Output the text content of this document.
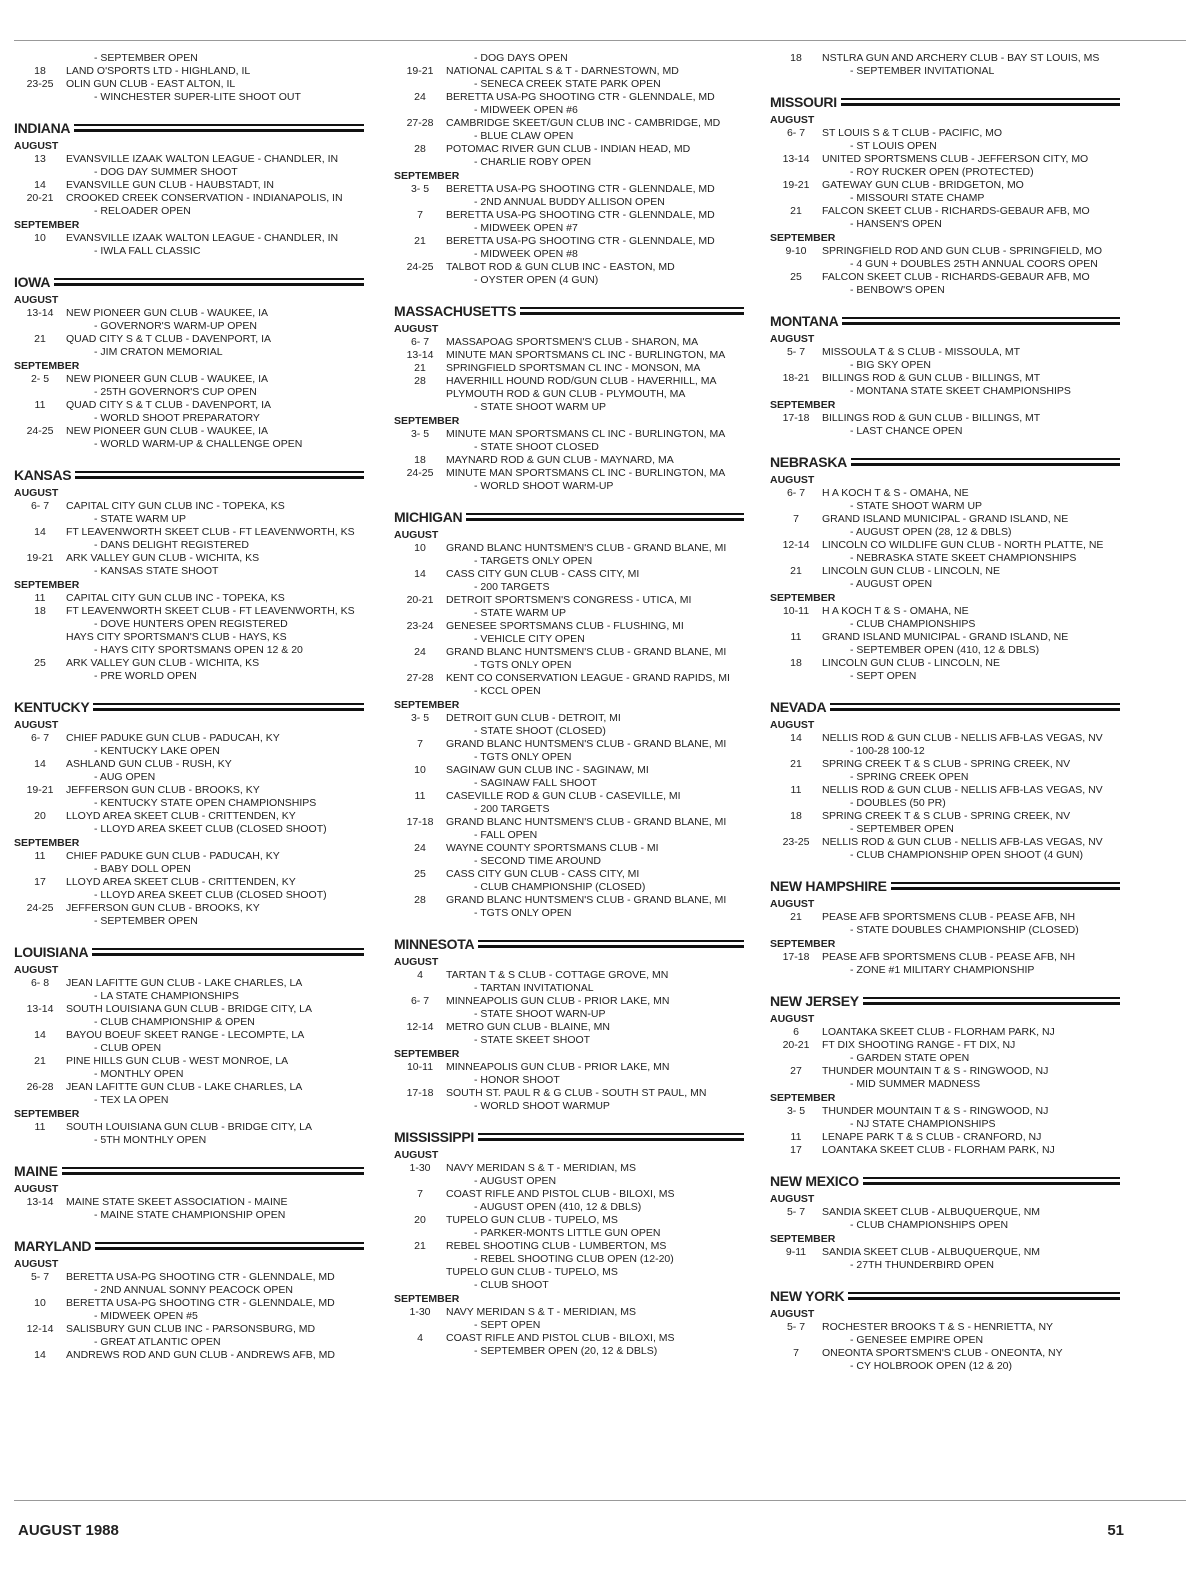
- SEPTEMBER OPEN
18	LAND O'SPORTS LTD - HIGHLAND, IL
23-25	OLIN GUN CLUB - EAST ALTON, IL
- WINCHESTER SUPER-LITE SHOOT OUT
INDIANA
AUGUST
13	EVANSVILLE IZAAK WALTON LEAGUE - CHANDLER, IN
- DOG DAY SUMMER SHOOT
14	EVANSVILLE GUN CLUB - HAUBSTADT, IN
20-21	CROOKED CREEK CONSERVATION - INDIANAPOLIS, IN
- RELOADER OPEN
SEPTEMBER
10	EVANSVILLE IZAAK WALTON LEAGUE - CHANDLER, IN
- IWLA FALL CLASSIC
IOWA
AUGUST
13-14	NEW PIONEER GUN CLUB - WAUKEE, IA
- GOVERNOR'S WARM-UP OPEN
21	QUAD CITY S & T CLUB - DAVENPORT, IA
- JIM CRATON MEMORIAL
SEPTEMBER
2- 5	NEW PIONEER GUN CLUB - WAUKEE, IA
- 25TH GOVERNOR'S CUP OPEN
11	QUAD CITY S & T CLUB - DAVENPORT, IA
- WORLD SHOOT PREPARATORY
24-25	NEW PIONEER GUN CLUB - WAUKEE, IA
- WORLD WARM-UP & CHALLENGE OPEN
KANSAS
AUGUST
6- 7	CAPITAL CITY GUN CLUB INC - TOPEKA, KS
- STATE WARM UP
14	FT LEAVENWORTH SKEET CLUB - FT LEAVENWORTH, KS
- DANS DELIGHT REGISTERED
19-21	ARK VALLEY GUN CLUB - WICHITA, KS
- KANSAS STATE SHOOT
SEPTEMBER
11	CAPITAL CITY GUN CLUB INC - TOPEKA, KS
18	FT LEAVENWORTH SKEET CLUB - FT LEAVENWORTH, KS
- DOVE HUNTERS OPEN REGISTERED
HAYS CITY SPORTSMAN'S CLUB - HAYS, KS
- HAYS CITY SPORTSMANS OPEN 12 & 20
25	ARK VALLEY GUN CLUB - WICHITA, KS
- PRE WORLD OPEN
KENTUCKY
AUGUST
6- 7	CHIEF PADUKE GUN CLUB - PADUCAH, KY
- KENTUCKY LAKE OPEN
14	ASHLAND GUN CLUB - RUSH, KY
- AUG OPEN
19-21	JEFFERSON GUN CLUB - BROOKS, KY
- KENTUCKY STATE OPEN CHAMPIONSHIPS
20	LLOYD AREA SKEET CLUB - CRITTENDEN, KY
- LLOYD AREA SKEET CLUB (CLOSED SHOOT)
SEPTEMBER
11	CHIEF PADUKE GUN CLUB - PADUCAH, KY
- BABY DOLL OPEN
17	LLOYD AREA SKEET CLUB - CRITTENDEN, KY
- LLOYD AREA SKEET CLUB (CLOSED SHOOT)
24-25	JEFFERSON GUN CLUB - BROOKS, KY
- SEPTEMBER OPEN
LOUISIANA
AUGUST
6- 8	JEAN LAFITTE GUN CLUB - LAKE CHARLES, LA
- LA STATE CHAMPIONSHIPS
13-14	SOUTH LOUISIANA GUN CLUB - BRIDGE CITY, LA
- CLUB CHAMPIONSHIP & OPEN
14	BAYOU BOEUF SKEET RANGE - LECOMPTE, LA
- CLUB OPEN
21	PINE HILLS GUN CLUB - WEST MONROE, LA
- MONTHLY OPEN
26-28	JEAN LAFITTE GUN CLUB - LAKE CHARLES, LA
- TEX LA OPEN
SEPTEMBER
11	SOUTH LOUISIANA GUN CLUB - BRIDGE CITY, LA
- 5TH MONTHLY OPEN
MAINE
AUGUST
13-14	MAINE STATE SKEET ASSOCIATION - MAINE
- MAINE STATE CHAMPIONSHIP OPEN
MARYLAND
AUGUST
5- 7	BERETTA USA-PG SHOOTING CTR - GLENNDALE, MD
- 2ND ANNUAL SONNY PEACOCK OPEN
10	BERETTA USA-PG SHOOTING CTR - GLENNDALE, MD
- MIDWEEK OPEN #5
12-14	SALISBURY GUN CLUB INC - PARSONSBURG, MD
- GREAT ATLANTIC OPEN
14	ANDREWS ROD AND GUN CLUB - ANDREWS AFB, MD
- DOG DAYS OPEN
19-21	NATIONAL CAPITAL S & T - DARNESTOWN, MD
- SENECA CREEK STATE PARK OPEN
24	BERETTA USA-PG SHOOTING CTR - GLENNDALE, MD
- MIDWEEK OPEN #6
27-28	CAMBRIDGE SKEET/GUN CLUB INC - CAMBRIDGE, MD
- BLUE CLAW OPEN
28	POTOMAC RIVER GUN CLUB - INDIAN HEAD, MD
- CHARLIE ROBY OPEN
SEPTEMBER
3- 5	BERETTA USA-PG SHOOTING CTR - GLENNDALE, MD
- 2ND ANNUAL BUDDY ALLISON OPEN
7	BERETTA USA-PG SHOOTING CTR - GLENNDALE, MD
- MIDWEEK OPEN #7
21	BERETTA USA-PG SHOOTING CTR - GLENNDALE, MD
- MIDWEEK OPEN #8
24-25	TALBOT ROD & GUN CLUB INC - EASTON, MD
- OYSTER OPEN (4 GUN)
MASSACHUSETTS
AUGUST
6- 7	MASSAPOAG SPORTSMEN'S CLUB - SHARON, MA
13-14	MINUTE MAN SPORTSMANS CL INC - BURLINGTON, MA
21	SPRINGFIELD SPORTSMAN CL INC - MONSON, MA
28	HAVERHILL HOUND ROD/GUN CLUB - HAVERHILL, MA
PLYMOUTH ROD & GUN CLUB - PLYMOUTH, MA
- STATE SHOOT WARM UP
SEPTEMBER
3- 5	MINUTE MAN SPORTSMANS CL INC - BURLINGTON, MA
- STATE SHOOT CLOSED
18	MAYNARD ROD & GUN CLUB - MAYNARD, MA
24-25	MINUTE MAN SPORTSMANS CL INC - BURLINGTON, MA
- WORLD SHOOT WARM-UP
MICHIGAN
AUGUST
10	GRAND BLANC HUNTSMEN'S CLUB - GRAND BLANE, MI
- TARGETS ONLY OPEN
14	CASS CITY GUN CLUB - CASS CITY, MI
- 200 TARGETS
20-21	DETROIT SPORTSMEN'S CONGRESS - UTICA, MI
- STATE WARM UP
23-24	GENESEE SPORTSMANS CLUB - FLUSHING, MI
- VEHICLE CITY OPEN
24	GRAND BLANC HUNTSMEN'S CLUB - GRAND BLANE, MI
- TGTS ONLY OPEN
27-28	KENT CO CONSERVATION LEAGUE - GRAND RAPIDS, MI
- KCCL OPEN
SEPTEMBER
3- 5	DETROIT GUN CLUB - DETROIT, MI
- STATE SHOOT (CLOSED)
7	GRAND BLANC HUNTSMEN'S CLUB - GRAND BLANE, MI
- TGTS ONLY OPEN
10	SAGINAW GUN CLUB INC - SAGINAW, MI
- SAGINAW FALL SHOOT
11	CASEVILLE ROD & GUN CLUB - CASEVILLE, MI
- 200 TARGETS
17-18	GRAND BLANC HUNTSMEN'S CLUB - GRAND BLANE, MI
- FALL OPEN
24	WAYNE COUNTY SPORTSMANS CLUB - MI
- SECOND TIME AROUND
25	CASS CITY GUN CLUB - CASS CITY, MI
- CLUB CHAMPIONSHIP (CLOSED)
28	GRAND BLANC HUNTSMEN'S CLUB - GRAND BLANE, MI
- TGTS ONLY OPEN
MINNESOTA
AUGUST
4	TARTAN T & S CLUB - COTTAGE GROVE, MN
- TARTAN INVITATIONAL
6- 7	MINNEAPOLIS GUN CLUB - PRIOR LAKE, MN
- STATE SHOOT WARN-UP
12-14	METRO GUN CLUB - BLAINE, MN
- STATE SKEET SHOOT
SEPTEMBER
10-11	MINNEAPOLIS GUN CLUB - PRIOR LAKE, MN
- HONOR SHOOT
17-18	SOUTH ST. PAUL R & G CLUB - SOUTH ST PAUL, MN
- WORLD SHOOT WARMUP
MISSISSIPPI
AUGUST
1-30	NAVY MERIDAN S & T - MERIDIAN, MS
- AUGUST OPEN
7	COAST RIFLE AND PISTOL CLUB - BILOXI, MS
- AUGUST OPEN (410, 12 & DBLS)
20	TUPELO GUN CLUB - TUPELO, MS
- PARKER-MONTS LITTLE GUN OPEN
21	REBEL SHOOTING CLUB - LUMBERTON, MS
- REBEL SHOOTING CLUB OPEN (12-20)
TUPELO GUN CLUB - TUPELO, MS
- CLUB SHOOT
SEPTEMBER
1-30	NAVY MERIDAN S & T - MERIDIAN, MS
- SEPT OPEN
4	COAST RIFLE AND PISTOL CLUB - BILOXI, MS
- SEPTEMBER OPEN (20, 12 & DBLS)
18	NSTLRA GUN AND ARCHERY CLUB - BAY ST LOUIS, MS
- SEPTEMBER INVITATIONAL
MISSOURI
AUGUST
6- 7	ST LOUIS S & T CLUB - PACIFIC, MO
- ST LOUIS OPEN
13-14	UNITED SPORTSMENS CLUB - JEFFERSON CITY, MO
- ROY RUCKER OPEN (PROTECTED)
19-21	GATEWAY GUN CLUB - BRIDGETON, MO
- MISSOURI STATE CHAMP
21	FALCON SKEET CLUB - RICHARDS-GEBAUR AFB, MO
- HANSEN'S OPEN
SEPTEMBER
9-10	SPRINGFIELD ROD AND GUN CLUB - SPRINGFIELD, MO
- 4 GUN + DOUBLES 25TH ANNUAL COORS OPEN
25	FALCON SKEET CLUB - RICHARDS-GEBAUR AFB, MO
- BENBOW'S OPEN
MONTANA
AUGUST
5- 7	MISSOULA T & S CLUB - MISSOULA, MT
- BIG SKY OPEN
18-21	BILLINGS ROD & GUN CLUB - BILLINGS, MT
- MONTANA STATE SKEET CHAMPIONSHIPS
SEPTEMBER
17-18	BILLINGS ROD & GUN CLUB - BILLINGS, MT
- LAST CHANCE OPEN
NEBRASKA
AUGUST
6- 7	H A KOCH T & S - OMAHA, NE
- STATE SHOOT WARM UP
7	GRAND ISLAND MUNICIPAL - GRAND ISLAND, NE
- AUGUST OPEN (28, 12 & DBLS)
12-14	LINCOLN CO WILDLIFE GUN CLUB - NORTH PLATTE, NE
- NEBRASKA STATE SKEET CHAMPIONSHIPS
21	LINCOLN GUN CLUB - LINCOLN, NE
- AUGUST OPEN
SEPTEMBER
10-11	H A KOCH T & S - OMAHA, NE
- CLUB CHAMPIONSHIPS
11	GRAND ISLAND MUNICIPAL - GRAND ISLAND, NE
- SEPTEMBER OPEN (410, 12 & DBLS)
18	LINCOLN GUN CLUB - LINCOLN, NE
- SEPT OPEN
NEVADA
AUGUST
14	NELLIS ROD & GUN CLUB - NELLIS AFB-LAS VEGAS, NV
- 100-28 100-12
21	SPRING CREEK T & S CLUB - SPRING CREEK, NV
- SPRING CREEK OPEN
11	NELLIS ROD & GUN CLUB - NELLIS AFB-LAS VEGAS, NV
- DOUBLES (50 PR)
18	SPRING CREEK T & S CLUB - SPRING CREEK, NV
- SEPTEMBER OPEN
23-25	NELLIS ROD & GUN CLUB - NELLIS AFB-LAS VEGAS, NV
- CLUB CHAMPIONSHIP OPEN SHOOT (4 GUN)
NEW HAMPSHIRE
AUGUST
21	PEASE AFB SPORTSMENS CLUB - PEASE AFB, NH
- STATE DOUBLES CHAMPIONSHIP (CLOSED)
SEPTEMBER
17-18	PEASE AFB SPORTSMENS CLUB - PEASE AFB, NH
- ZONE #1 MILITARY CHAMPIONSHIP
NEW JERSEY
AUGUST
6	LOANTAKA SKEET CLUB - FLORHAM PARK, NJ
20-21	FT DIX SHOOTING RANGE - FT DIX, NJ
- GARDEN STATE OPEN
27	THUNDER MOUNTAIN T & S - RINGWOOD, NJ
- MID SUMMER MADNESS
SEPTEMBER
3- 5	THUNDER MOUNTAIN T & S - RINGWOOD, NJ
- NJ STATE CHAMPIONSHIPS
11	LENAPE PARK T & S CLUB - CRANFORD, NJ
17	LOANTAKA SKEET CLUB - FLORHAM PARK, NJ
NEW MEXICO
AUGUST
5- 7	SANDIA SKEET CLUB - ALBUQUERQUE, NM
- CLUB CHAMPIONSHIPS OPEN
SEPTEMBER
9-11	SANDIA SKEET CLUB - ALBUQUERQUE, NM
- 27TH THUNDERBIRD OPEN
NEW YORK
AUGUST
5- 7	ROCHESTER BROOKS T & S - HENRIETTA, NY
- GENESEE EMPIRE OPEN
7	ONEONTA SPORTSMEN'S CLUB - ONEONTA, NY
- CY HOLBROOK OPEN (12 & 20)
AUGUST 1988	51
